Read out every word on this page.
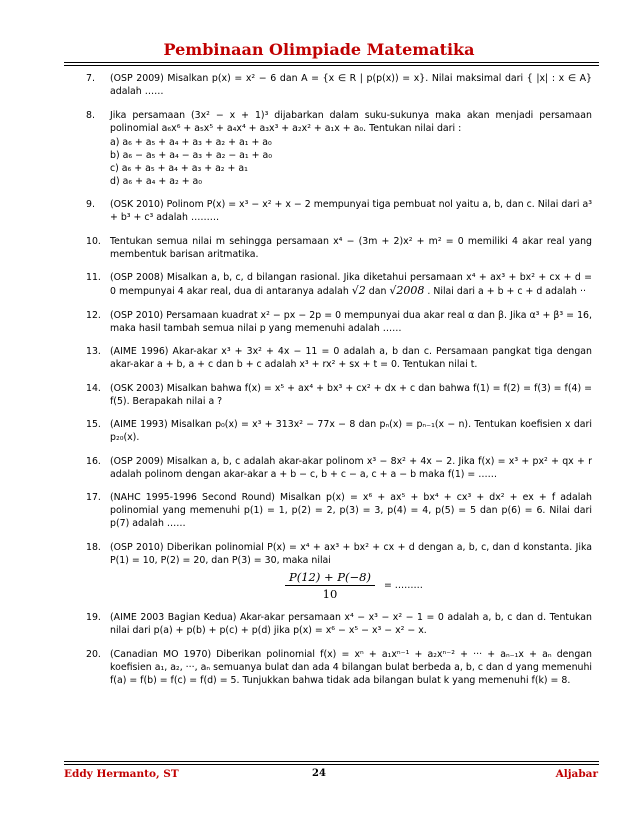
Pembinaan Olimpiade Matematika
7. (OSP 2009) Misalkan p(x) = x² − 6 dan A = {x ∈ R | p(p(x)) = x}. Nilai maksimal dari { |x| : x ∈ A} adalah ……
8. Jika persamaan (3x² − x + 1)³ dijabarkan dalam suku-sukunya maka akan menjadi persamaan polinomial a₆x⁶ + a₅x⁵ + a₄x⁴ + a₃x³ + a₂x² + a₁x + a₀. Tentukan nilai dari :
a) a₆ + a₅ + a₄ + a₃ + a₂ + a₁ + a₀
b) a₆ − a₅ + a₄ − a₃ + a₂ − a₁ + a₀
c) a₆ + a₅ + a₄ + a₃ + a₂ + a₁
d) a₆ + a₄ + a₂ + a₀
9. (OSK 2010) Polinom P(x) = x³ − x² + x − 2 mempunyai tiga pembuat nol yaitu a, b, dan c. Nilai dari a³ + b³ + c³ adalah ………
10. Tentukan semua nilai m sehingga persamaan x⁴ − (3m + 2)x² + m² = 0 memiliki 4 akar real yang membentuk barisan aritmatika.
11. (OSP 2008) Misalkan a, b, c, d bilangan rasional. Jika diketahui persamaan x⁴ + ax³ + bx² + cx + d = 0 mempunyai 4 akar real, dua di antaranya adalah √2 dan √2008 . Nilai dari a + b + c + d adalah ··
12. (OSP 2010) Persamaan kuadrat x² − px − 2p = 0 mempunyai dua akar real α dan β. Jika α³ + β³ = 16, maka hasil tambah semua nilai p yang memenuhi adalah ……
13. (AIME 1996) Akar-akar x³ + 3x² + 4x − 11 = 0 adalah a, b dan c. Persamaan pangkat tiga dengan akar-akar a + b, a + c dan b + c adalah x³ + rx² + sx + t = 0. Tentukan nilai t.
14. (OSK 2003) Misalkan bahwa f(x) = x⁵ + ax⁴ + bx³ + cx² + dx + c dan bahwa f(1) = f(2) = f(3) = f(4) = f(5). Berapakah nilai a ?
15. (AIME 1993) Misalkan p₀(x) = x³ + 313x² − 77x − 8 dan pₙ(x) = pₙ₋₁(x − n). Tentukan koefisien x dari p₂₀(x).
16. (OSP 2009) Misalkan a, b, c adalah akar-akar polinom x³ − 8x² + 4x − 2. Jika f(x) = x³ + px² + qx + r adalah polinom dengan akar-akar a + b − c, b + c − a, c + a − b maka f(1) = ……
17. (NAHC 1995-1996 Second Round) Misalkan p(x) = x⁶ + ax⁵ + bx⁴ + cx³ + dx² + ex + f adalah polinomial yang memenuhi p(1) = 1, p(2) = 2, p(3) = 3, p(4) = 4, p(5) = 5 dan p(6) = 6. Nilai dari p(7) adalah ……
18. (OSP 2010) Diberikan polinomial P(x) = x⁴ + ax³ + bx² + cx + d dengan a, b, c, dan d konstanta. Jika P(1) = 10, P(2) = 20, dan P(3) = 30, maka nilai
$\frac{P(12) + P(-8)}{10}$ = ………
19. (AIME 2003 Bagian Kedua) Akar-akar persamaan x⁴ − x³ − x² − 1 = 0 adalah a, b, c dan d. Tentukan nilai dari p(a) + p(b) + p(c) + p(d) jika p(x) = x⁶ − x⁵ − x³ − x² − x.
20. (Canadian MO 1970) Diberikan polinomial f(x) = xⁿ + a₁xⁿ⁻¹ + a₂xⁿ⁻² + ··· + aₙ₋₁x + aₙ dengan koefisien a₁, a₂, ···, aₙ semuanya bulat dan ada 4 bilangan bulat berbeda a, b, c dan d yang memenuhi f(a) = f(b) = f(c) = f(d) = 5. Tunjukkan bahwa tidak ada bilangan bulat k yang memenuhi f(k) = 8.
Eddy Hermanto, ST	24	Aljabar
